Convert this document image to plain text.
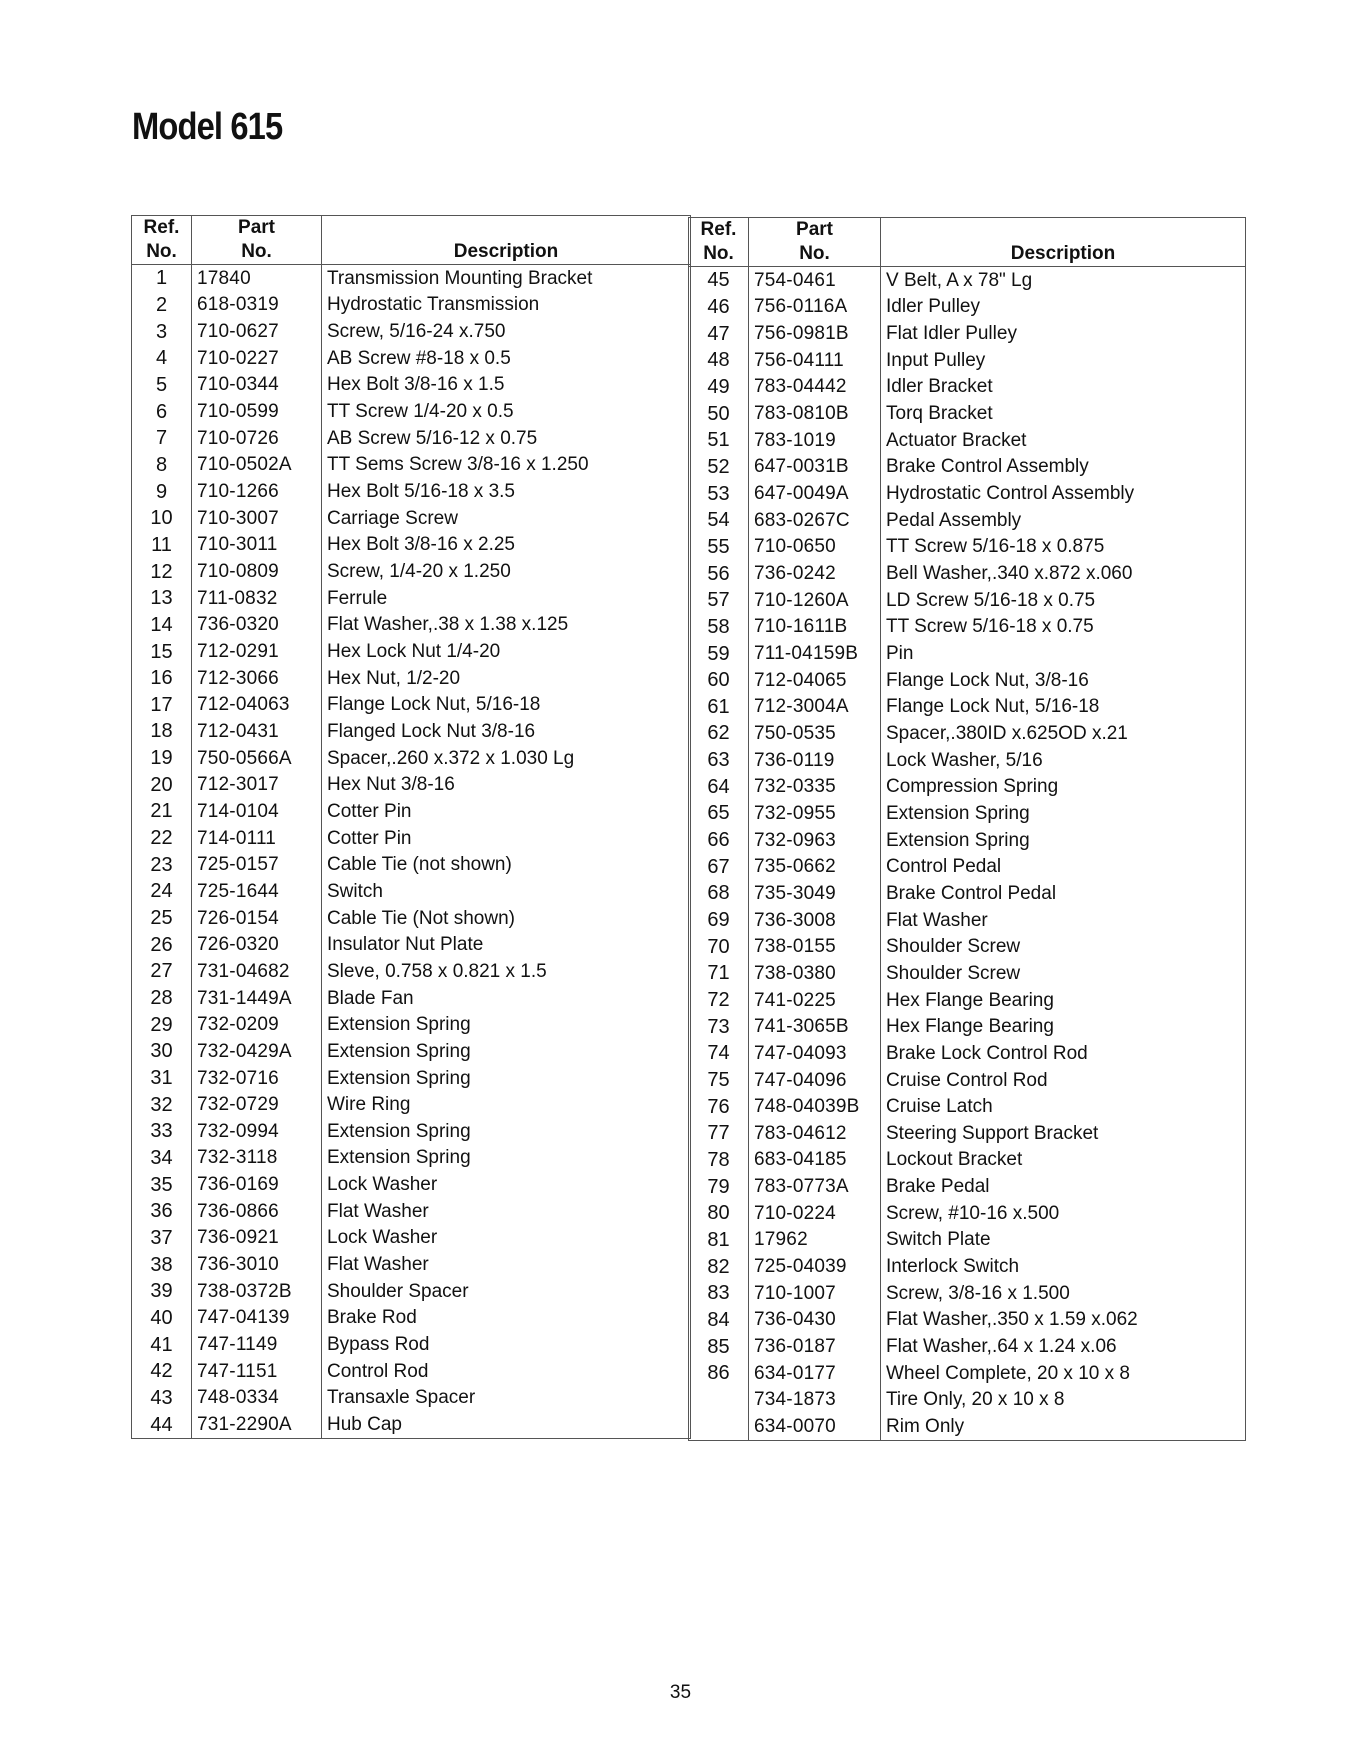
Model 615
Ref.
No.	Part
No.	Description
1	17840	Transmission Mounting Bracket
2	618-0319	Hydrostatic Transmission
3	710-0627	Screw, 5/16-24 x.750
4	710-0227	AB Screw #8-18 x 0.5
5	710-0344	Hex Bolt 3/8-16 x 1.5
6	710-0599	TT Screw 1/4-20 x 0.5
7	710-0726	AB Screw 5/16-12 x 0.75
8	710-0502A	TT Sems Screw 3/8-16 x 1.250
9	710-1266	Hex Bolt 5/16-18 x 3.5
10	710-3007	Carriage Screw
11	710-3011	Hex Bolt 3/8-16 x 2.25
12	710-0809	Screw, 1/4-20 x 1.250
13	711-0832	Ferrule
14	736-0320	Flat Washer,.38 x 1.38 x.125
15	712-0291	Hex Lock Nut 1/4-20
16	712-3066	Hex Nut, 1/2-20
17	712-04063	Flange Lock Nut, 5/16-18
18	712-0431	Flanged Lock Nut 3/8-16
19	750-0566A	Spacer,.260 x.372 x 1.030 Lg
20	712-3017	Hex Nut 3/8-16
21	714-0104	Cotter Pin
22	714-0111	Cotter Pin
23	725-0157	Cable Tie (not shown)
24	725-1644	Switch
25	726-0154	Cable Tie (Not shown)
26	726-0320	Insulator Nut Plate
27	731-04682	Sleve, 0.758 x 0.821 x 1.5
28	731-1449A	Blade Fan
29	732-0209	Extension Spring
30	732-0429A	Extension Spring
31	732-0716	Extension Spring
32	732-0729	Wire Ring
33	732-0994	Extension Spring
34	732-3118	Extension Spring
35	736-0169	Lock Washer
36	736-0866	Flat Washer
37	736-0921	Lock Washer
38	736-3010	Flat Washer
39	738-0372B	Shoulder Spacer
40	747-04139	Brake Rod
41	747-1149	Bypass Rod
42	747-1151	Control Rod
43	748-0334	Transaxle Spacer
44	731-2290A	Hub Cap
Ref.
No.	Part
No.	Description
45	754-0461	V Belt, A x 78" Lg
46	756-0116A	Idler Pulley
47	756-0981B	Flat Idler Pulley
48	756-04111	Input Pulley
49	783-04442	Idler Bracket
50	783-0810B	Torq Bracket
51	783-1019	Actuator Bracket
52	647-0031B	Brake Control Assembly
53	647-0049A	Hydrostatic Control Assembly
54	683-0267C	Pedal Assembly
55	710-0650	TT Screw 5/16-18 x 0.875
56	736-0242	Bell Washer,.340 x.872 x.060
57	710-1260A	LD Screw 5/16-18 x 0.75
58	710-1611B	TT Screw 5/16-18 x 0.75
59	711-04159B	Pin
60	712-04065	Flange Lock Nut, 3/8-16
61	712-3004A	Flange Lock Nut, 5/16-18
62	750-0535	Spacer,.380ID x.625OD x.21
63	736-0119	Lock Washer, 5/16
64	732-0335	Compression Spring
65	732-0955	Extension Spring
66	732-0963	Extension Spring
67	735-0662	Control Pedal
68	735-3049	Brake Control Pedal
69	736-3008	Flat Washer
70	738-0155	Shoulder Screw
71	738-0380	Shoulder Screw
72	741-0225	Hex Flange Bearing
73	741-3065B	Hex Flange Bearing
74	747-04093	Brake Lock Control Rod
75	747-04096	Cruise Control Rod
76	748-04039B	Cruise Latch
77	783-04612	Steering Support Bracket
78	683-04185	Lockout Bracket
79	783-0773A	Brake Pedal
80	710-0224	Screw, #10-16 x.500
81	17962	Switch Plate
82	725-04039	Interlock Switch
83	710-1007	Screw, 3/8-16 x 1.500
84	736-0430	Flat Washer,.350 x 1.59 x.062
85	736-0187	Flat Washer,.64 x 1.24 x.06
86	634-0177	Wheel Complete, 20 x 10 x 8
	734-1873	Tire Only, 20 x 10 x 8
	634-0070	Rim Only
35
